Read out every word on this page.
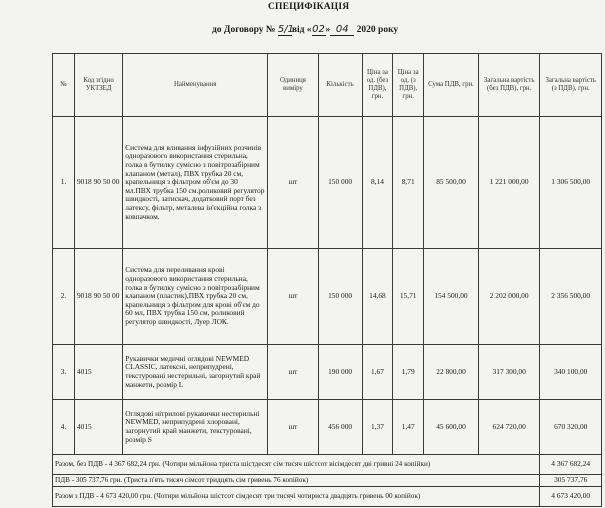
СПЕЦИФІКАЦІЯ
до Договору № 5/1від «02» 04 2020 року
№	Код згідно УКТЗЕД	Найменування	Одиниця виміру	Кількість	Ціна за од. (без ПДВ), грн.	Ціна за од. (з ПДВ), грн.	Сума ПДВ, грн.	Загальна вартість (без ПДВ), грн.	Загальна вартість (з ПДВ), грн.
1.	9018 90 50 00	Система для вливання інфузійних розчинів одноразового використання стерильна, голка в бутилку сумісно з повітрозабірним клапаном (метал), ПВХ трубка 20 см, крапельниця з фільтром об'єм до 30 мл.ПВХ трубка 150 см.роликовий регулятор швидкості, затискач, додатковий порт без латексу, фільтр, металева ін'єкційна голка з ковпачком.	шт	150 000	8,14	8,71	85 500,00	1 221 000,00	1 306 500,00
2.	9018 90 50 00	Система для переливання крові одноразового використання стерильна, голка в бутилку сумісно з повітрозабірним клапаном (пластик),ПВХ трубка 20 см, крапельниця з фільтром для крові об'єм до 60 мл, ПВХ трубка 150 см, роликовий регулятор швидкості, Луер ЛОК.	шт	150 000	14,68	15,71	154 500,00	2 202 000,00	2 356 500,00
3.	4015	Рукавички медичні оглядові NEWMED CLASSIC, латексні, неприпудрені, текстуровані нестерильні, загорнутий край манжети, розмір L	шт	190 000	1,67	1,79	22 800,00	317 300,00	340 100,00
4.	4015	Оглядові нітрилові рукавички нестерильні NEWMED, неприпудрені хлоровані, загорнутий край манжети, текстуровані, розмір S	шт	456 000	1,37	1,47	45 600,00	624 720,00	670 320,00
Разом, без ПДВ - 4 367 682,24 грн. (Чотири мільйона триста шістдесят сім тисяч шістсот вісімдесят дві гривні 24 копійки)									4 367 682,24
ПДВ - 305 737,76 грн. (Триста п'ять тисяч сімсот тридцять сім гривень 76 копійок)									305 737,76
Разом з ПДВ - 4 673 420,00 грн. (Чотири мільйона шістсот сімдесят три тисячі чотириста двадцять гривень 00 копійок)									4 673 420,00
